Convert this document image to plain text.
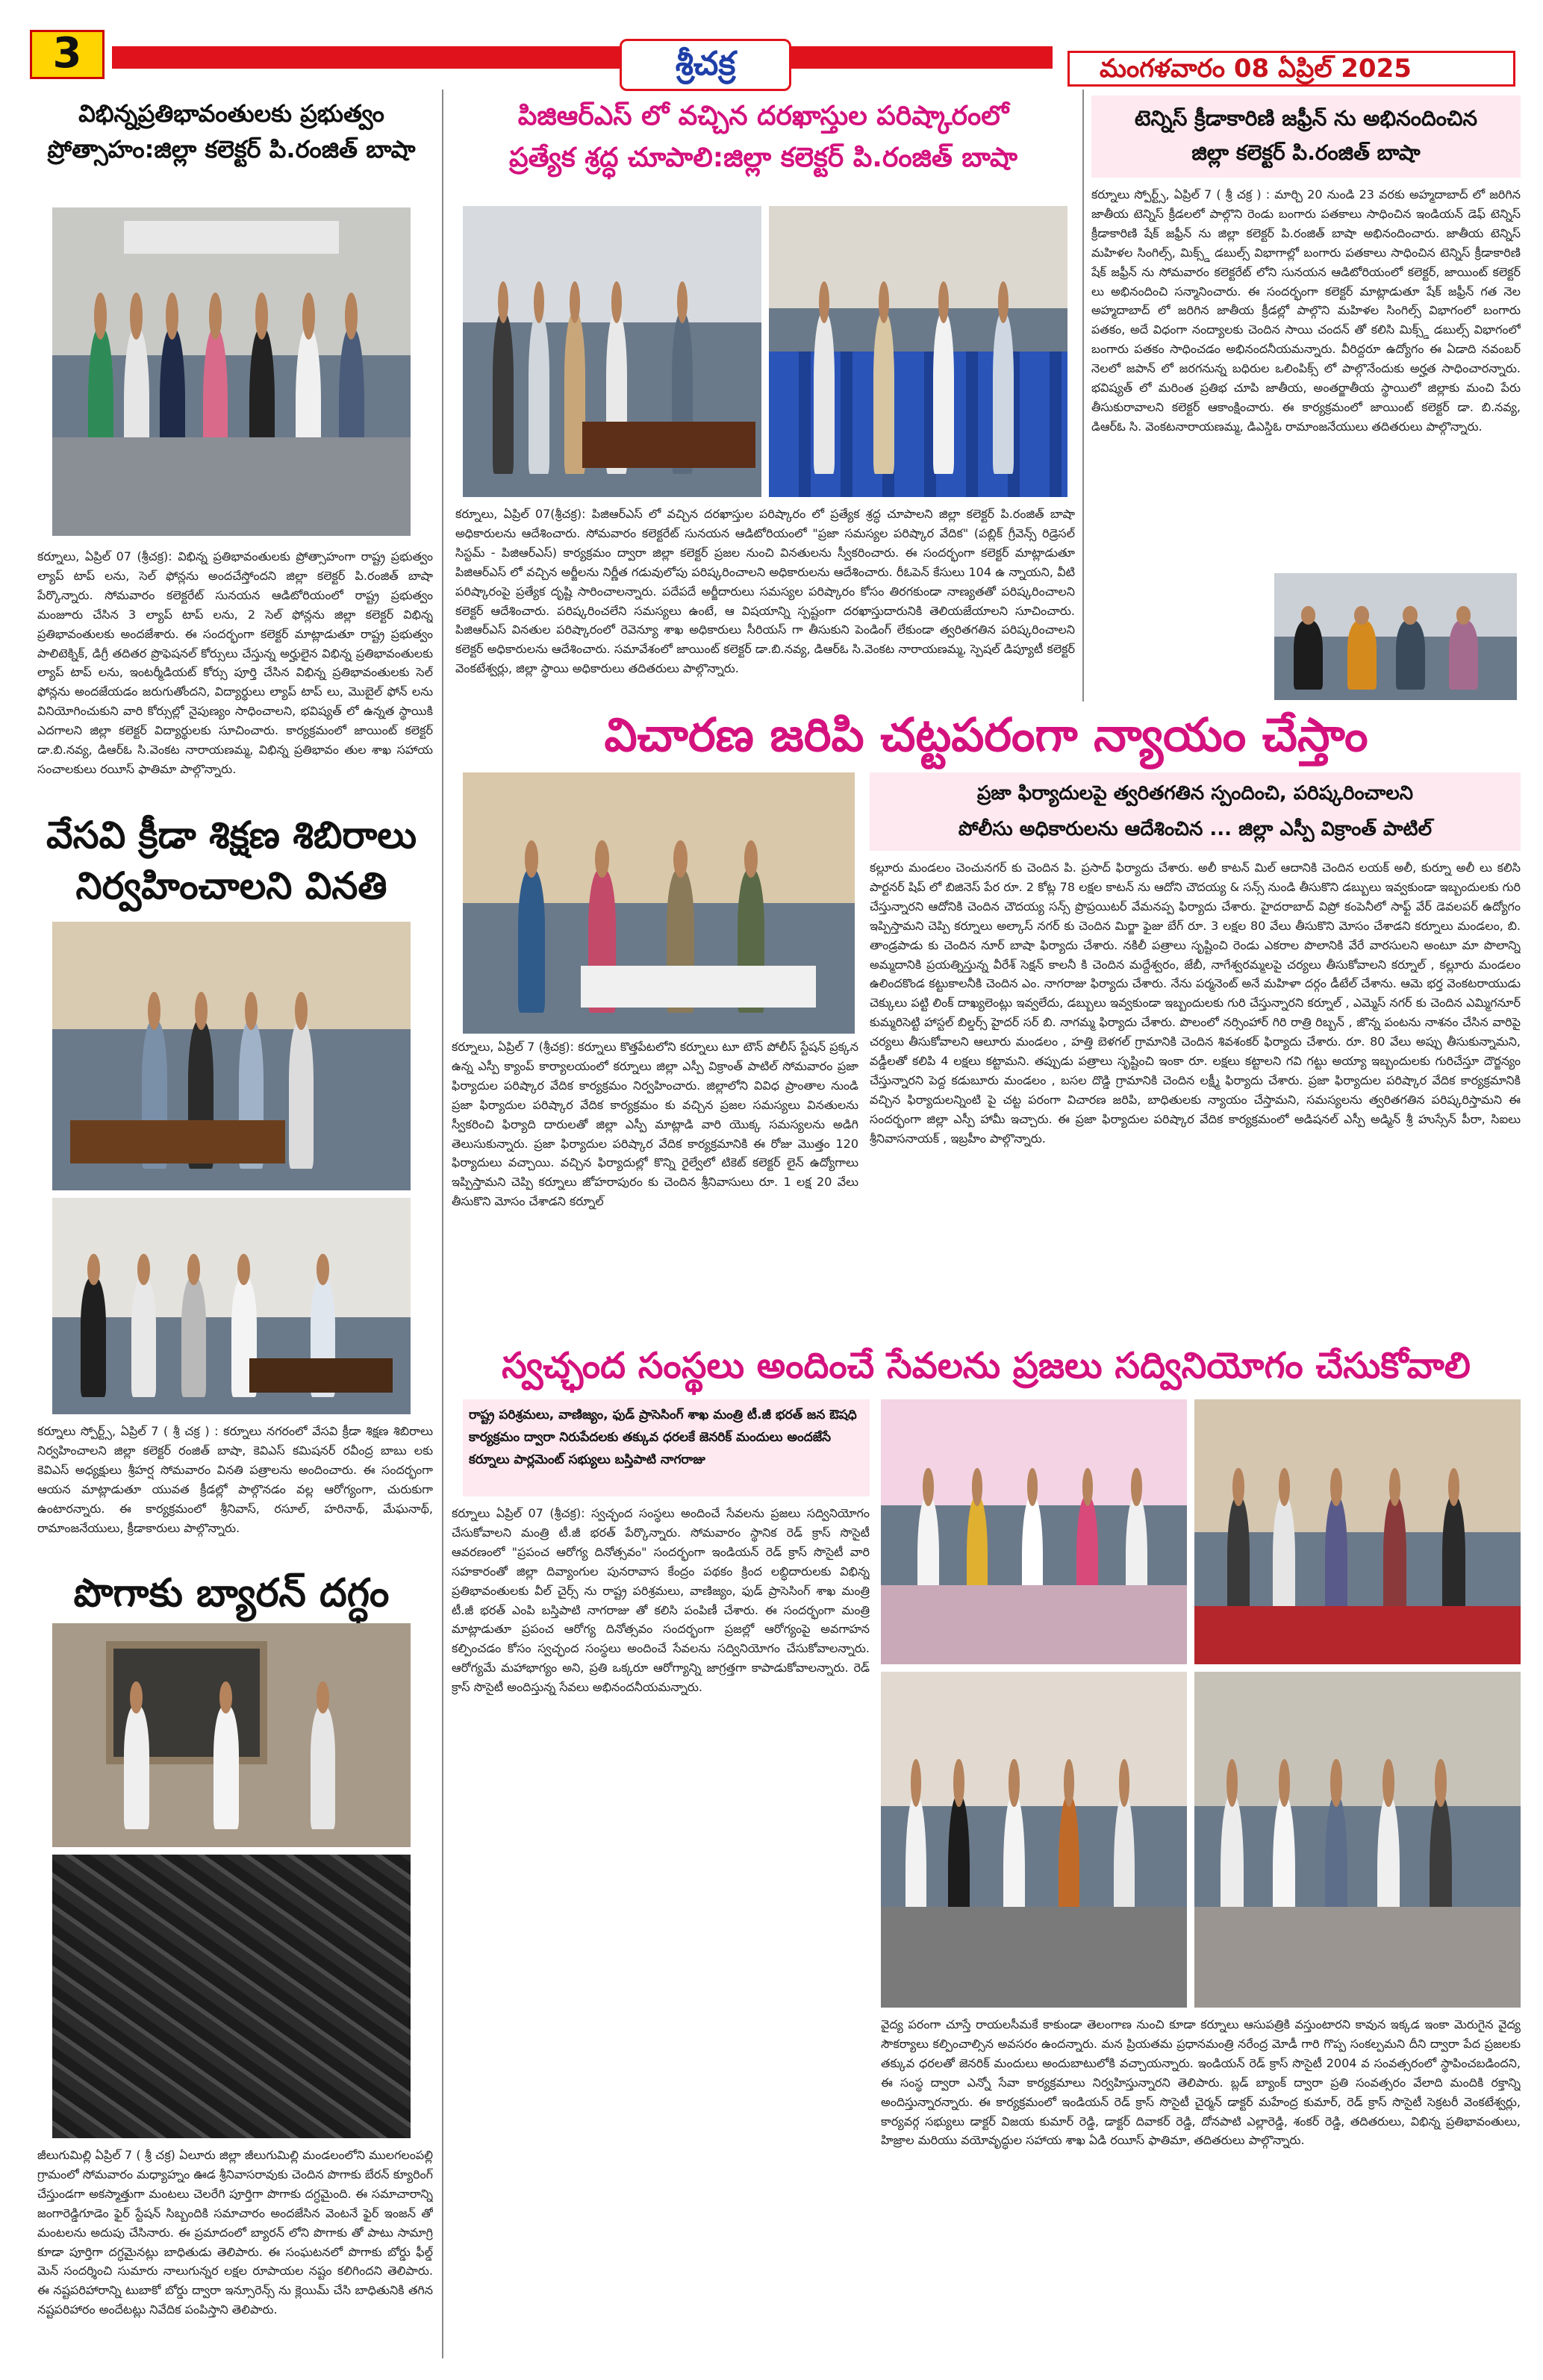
3	శ్రీచక్ర	మంగళవారం 08 ఏప్రిల్ 2025
విభిన్నప్రతిభావంతులకు ప్రభుత్వం
ప్రోత్సాహం:జిల్లా కలెక్టర్ పి.రంజిత్ బాషా
కర్నూలు, ఏప్రిల్ 07 (శ్రీచక్ర): విభిన్న ప్రతిభావంతులకు ప్రోత్సాహంగా రాష్ట్ర ప్రభుత్వం ల్యాప్ టాప్ లను, సెల్ ఫోన్లను అందచేస్తోందని జిల్లా కలెక్టర్ పి.రంజిత్ బాషా పేర్కొన్నారు. సోమవారం కలెక్టరేట్ సునయన ఆడిటోరియంలో రాష్ట్ర ప్రభుత్వం మంజూరు చేసిన 3 ల్యాప్ టాప్ లను, 2 సెల్ ఫోన్లను జిల్లా కలెక్టర్ విభిన్న ప్రతిభావంతులకు అందజేశారు. ఈ సందర్భంగా కలెక్టర్ మాట్లాడుతూ రాష్ట్ర ప్రభుత్వం పాలిటెక్నిక్, డిగ్రీ తదితర ప్రొఫెషనల్ కోర్సులు చేస్తున్న అర్హులైన విభిన్న ప్రతిభావంతులకు ల్యాప్ టాప్ లను, ఇంటర్మీడియట్ కోర్సు పూర్తి చేసిన విభిన్న ప్రతిభావంతులకు సెల్ ఫోన్లను అందజేయడం జరుగుతోందని, విద్యార్థులు ల్యాప్ టాప్ లు, మొబైల్ ఫోన్ లను వినియోగించుకుని వారి కోర్సుల్లో నైపుణ్యం సాధించాలని, భవిష్యత్ లో ఉన్నత స్థాయికి ఎదగాలని జిల్లా కలెక్టర్ విద్యార్థులకు సూచించారు. కార్యక్రమంలో జాయింట్ కలెక్టర్ డా.బి.నవ్య, డిఆర్ఓ సి.వెంకట నారాయణమ్మ, విభిన్న ప్రతిభావం తుల శాఖ సహాయ సంచాలకులు రయీస్ ఫాతిమా పాల్గొన్నారు.
వేసవి క్రీడా శిక్షణ శిబిరాలు
నిర్వహించాలని వినతి
కర్నూలు స్పోర్ట్స్, ఏప్రిల్ 7 ( శ్రీ చక్ర ) : కర్నూలు నగరంలో వేసవి క్రీడా శిక్షణ శిబిరాలు నిర్వహించాలని జిల్లా కలెక్టర్ రంజిత్ బాషా, కెవిఎస్ కమిషనర్ రవీంద్ర బాబు లకు కెవిఎస్ అధ్యక్షులు శ్రీహర్ష సోమవారం వినతి పత్రాలను అందించారు. ఈ సందర్భంగా ఆయన మాట్లాడుతూ యువత క్రీడల్లో పాల్గొనడం వల్ల ఆరోగ్యంగా, చురుకుగా ఉంటారన్నారు. ఈ కార్యక్రమంలో శ్రీనివాస్, రసూల్, హరినాథ్, మేఘనాథ్, రామాంజనేయులు, క్రీడాకారులు పాల్గొన్నారు.
పొగాకు బ్యారన్ దగ్ధం
జీలుగుమిల్లి ఏప్రిల్ 7 ( శ్రీ చక్ర) ఏలూరు జిల్లా జీలుగుమిల్లి మండలంలోని ములగలంపల్లి గ్రామంలో సోమవారం మధ్యాహ్నం ఊడ శ్రీనివాసరావుకు చెందిన పొగాకు బేరన్ క్యూరింగ్ చేస్తుండగా అకస్మాత్తుగా మంటలు చెలరేగి పూర్తిగా పొగాకు దగ్ధమైంది. ఈ సమాచారాన్ని జంగారెడ్డిగూడెం ఫైర్ స్టేషన్ సిబ్బందికి సమాచారం అందజేసిన వెంటనే ఫైర్ ఇంజన్ తో మంటలను అదుపు చేసినారు. ఈ ప్రమాదంలో బ్యారన్ లోని పొగాకు తో పాటు సామాగ్రి కూడా పూర్తిగా దగ్ధమైనట్లు బాధితుడు తెలిపారు. ఈ సంఘటనలో పొగాకు బోర్డు ఫీల్డ్ మెన్ సందర్శించి సుమారు నాలుగున్నర లక్షల రూపాయల నష్టం కలిగిందని తెలిపారు. ఈ నష్టపరిహారాన్ని టుబాకో బోర్డు ద్వారా ఇన్సూరెన్స్ ను క్లెయిమ్ చేసి బాధితునికి తగిన నష్టపరిహారం అందేటట్లు నివేదిక పంపిస్తాని తెలిపారు.
పిజిఆర్ఎస్ లో వచ్చిన దరఖాస్తుల పరిష్కారంలో
ప్రత్యేక శ్రద్ధ చూపాలి:జిల్లా కలెక్టర్ పి.రంజిత్ బాషా
కర్నూలు, ఏప్రిల్ 07(శ్రీచక్ర): పిజిఆర్ఎస్ లో వచ్చిన దరఖాస్తుల పరిష్కారం లో ప్రత్యేక శ్రద్ధ చూపాలని జిల్లా కలెక్టర్ పి.రంజిత్ బాషా అధికారులను ఆదేశించారు. సోమవారం కలెక్టరేట్ సునయన ఆడిటోరియంలో "ప్రజా సమస్యల పరిష్కార వేదిక" (పబ్లిక్ గ్రీవెన్స్ రిడ్రెసల్ సిస్టమ్ - పిజిఆర్ఎస్) కార్యక్రమం ద్వారా జిల్లా కలెక్టర్ ప్రజల నుంచి వినతులను స్వీకరించారు. ఈ సందర్భంగా కలెక్టర్ మాట్లాడుతూ పిజిఆర్ఎస్ లో వచ్చిన అర్జీలను నిర్ణీత గడువులోపు పరిష్కరించాలని అధికారులను ఆదేశించారు. రీఓపెన్ కేసులు 104 ఉ న్నాయని, వీటి పరిష్కారంపై ప్రత్యేక దృష్టి సారించాలన్నారు. పదేపదే అర్జీదారులు సమస్యల పరిష్కారం కోసం తిరగకుండా నాణ్యతతో పరిష్కరించాలని కలెక్టర్ ఆదేశించారు. పరిష్కరించలేని సమస్యలు ఉంటే, ఆ విషయాన్ని స్పష్టంగా దరఖాస్తుదారునికి తెలియజేయాలని సూచించారు. పిజిఆర్ఎస్ వినతుల పరిష్కారంలో రెవెన్యూ శాఖ అధికారులు సీరియస్ గా తీసుకుని పెండింగ్ లేకుండా త్వరితగతిన పరిష్కరించాలని కలెక్టర్ అధికారులను ఆదేశించారు. సమావేశంలో జాయింట్ కలెక్టర్ డా.బి.నవ్య, డిఆర్ఓ సి.వెంకట నారాయణమ్మ, స్పెషల్ డిప్యూటీ కలెక్టర్ వెంకటేశ్వర్లు, జిల్లా స్థాయి అధికారులు తదితరులు పాల్గొన్నారు.
టెన్నిస్ క్రీడాకారిణి జఫ్రీన్ ను అభినందించిన
జిల్లా కలెక్టర్ పి.రంజిత్ బాషా
కర్నూలు స్పోర్ట్స్, ఏప్రిల్ 7 ( శ్రీ చక్ర ) : మార్చి 20 నుండి 23 వరకు అహ్మదాబాద్ లో జరిగిన జాతీయ టెన్నిస్ క్రీడలలో పాల్గొని రెండు బంగారు పతకాలు సాధించిన ఇండియన్ డెఫ్ టెన్నిస్ క్రీడాకారిణి షేక్ జఫ్రీన్ ను జిల్లా కలెక్టర్ పి.రంజిత్ బాషా అభినందించారు. జాతీయ టెన్నిస్ మహిళల సింగిల్స్, మిక్స్డ్ డబుల్స్ విభాగాల్లో బంగారు పతకాలు సాధించిన టెన్నిస్ క్రీడాకారిణి షేక్ జఫ్రీన్ ను సోమవారం కలెక్టరేట్ లోని సునయన ఆడిటోరియంలో కలెక్టర్, జాయింట్ కలెక్టర్ లు అభినందించి సన్మానించారు. ఈ సందర్భంగా కలెక్టర్ మాట్లాడుతూ షేక్ జఫ్రీన్ గత నెల అహ్మదాబాద్ లో జరిగిన జాతీయ క్రీడల్లో పాల్గొని మహిళల సింగిల్స్ విభాగంలో బంగారు పతకం, అదే విధంగా నంద్యాలకు చెందిన సాయి చందన్ తో కలిసి మిక్స్డ్ డబుల్స్ విభాగంలో బంగారు పతకం సాధించడం అభినందనీయమన్నారు. వీరిద్దరూ ఉద్యోగం ఈ ఏడాది నవంబర్ నెలలో జపాన్ లో జరగనున్న బధిరుల ఒలింపిక్స్ లో పాల్గొనేందుకు అర్హత సాధించారన్నారు. భవిష్యత్ లో మరింత ప్రతిభ చూపి జాతీయ, అంతర్జాతీయ స్థాయిలో జిల్లాకు మంచి పేరు తీసుకురావాలని కలెక్టర్ ఆకాంక్షించారు. ఈ కార్యక్రమంలో జాయింట్ కలెక్టర్ డా. బి.నవ్య, డిఆర్ఓ సి. వెంకటనారాయణమ్మ, డిఎస్డిఓ రామాంజనేయులు తదితరులు పాల్గొన్నారు.
విచారణ జరిపి చట్టపరంగా న్యాయం చేస్తాం
ప్రజా ఫిర్యాదులపై త్వరితగతిన స్పందించి, పరిష్కరించాలని
పోలీసు అధికారులను ఆదేశించిన ... జిల్లా ఎస్పీ విక్రాంత్ పాటిల్
కర్నూలు, ఏప్రిల్ 7 (శ్రీచక్ర): కర్నూలు కొత్తపేటలోని కర్నూలు టూ టౌన్ పోలీస్ స్టేషన్ ప్రక్కన ఉన్న ఎస్పీ క్యాంప్ కార్యాలయంలో కర్నూలు జిల్లా ఎస్పీ విక్రాంత్ పాటిల్ సోమవారం ప్రజా ఫిర్యాదుల పరిష్కార వేదిక కార్యక్రమం నిర్వహించారు. జిల్లాలోని వివిధ ప్రాంతాల నుండి ప్రజా ఫిర్యాదుల పరిష్కార వేదిక కార్యక్రమం కు వచ్చిన ప్రజల సమస్యలు వినతులను స్వీకరించి ఫిర్యాది దారులతో జిల్లా ఎస్పీ మాట్లాడి వారి యొక్క సమస్యలను అడిగి తెలుసుకున్నారు. ప్రజా ఫిర్యాదుల పరిష్కార వేదిక కార్యక్రమానికి ఈ రోజు మొత్తం 120 ఫిర్యాదులు వచ్చాయి. వచ్చిన ఫిర్యాదుల్లో కొన్ని రైల్వేలో టికెట్ కలెక్టర్ లైన్ ఉద్యోగాలు ఇప్పిస్తామని చెప్పి కర్నూలు జోహరాపురం కు చెందిన శ్రీనివాసులు రూ. 1 లక్ష 20 వేలు తీసుకొని మోసం చేశాడని కర్నూల్
కల్లూరు మండలం చెంచునగర్ కు చెందిన పి. ప్రసాద్ ఫిర్యాదు చేశారు. అలీ కాటన్ మిల్ ఆదానికి చెందిన లయక్ అలీ, కుర్నూ అలీ లు కలిసి పార్టనర్ షిప్ లో బిజినెస్ పేర రూ. 2 కోట్ల 78 లక్షల కాటన్ ను ఆదోని చౌదయ్య & సన్స్ నుండి తీసుకొని డబ్బులు ఇవ్వకుండా ఇబ్బందులకు గురి చేస్తున్నారని ఆదోనికి చెందిన చౌదయ్య సన్స్ ప్రొప్రయిటర్ వేమనప్ప ఫిర్యాదు చేశారు. హైదరాబాద్ విప్రో కంపెనీలో సాఫ్ట్ వేర్ డెవలపర్ ఉద్యోగం ఇప్పిస్తామని చెప్పి కర్నూలు అల్కాస్ నగర్ కు చెందిన మిర్జా ఫైజు బేగ్ రూ. 3 లక్షల 80 వేలు తీసుకొని మోసం చేశాడని కర్నూలు మండలం, బి. తాండ్రపాడు కు చెందిన నూర్ బాషా ఫిర్యాదు చేశారు. నకిలీ పత్రాలు సృష్టించి రెండు ఎకరాల పొలానికి వేరే వారసులని అంటూ మా పొలాన్ని అమ్మదానికి ప్రయత్నిస్తున్న వీరేశ్ సెక్షన్ కాలనీ కి చెందిన మద్దేశ్వరం, జేబీ, నాగేశ్వరమ్మలపై చర్యలు తీసుకోవాలని కర్నూల్ , కల్లూరు మండలం ఉలిందకొండ కట్టుకాలనీకి చెందిన ఎం. నాగరాజు ఫిర్యాదు చేశారు. నేను పర్మనెంట్ అనే మహిళా దర్గం డీటేల్ చేశాను. ఆమె భర్త వెంకటరాయుడు చెక్కులు పట్టి లింక్ దాఖ్యలెంట్లు ఇవ్వలేదు, డబ్బులు ఇవ్వకుండా ఇబ్బందులకు గురి చేస్తున్నారని కర్నూల్ , ఎమ్మెస్ నగర్ కు చెందిన ఎమ్మిగనూర్ కుమ్మరిసెట్టి హాస్టల్ బిల్డర్స్ హైదర్ సర్ బి. నాగమ్మ ఫిర్యాదు చేశారు. పొలంలో నర్సింహార్ గిరి రాత్రి రిబ్బన్ , జొన్న పంటను నాశనం చేసిన వారిపై చర్యలు తీసుకోవాలని ఆలూరు మండలం , హత్తి బెళగల్ గ్రామానికి చెందిన శివశంకర్ ఫిర్యాదు చేశారు. రూ. 80 వేలు అప్పు తీసుకున్నామని, వడ్డీలతో కలిపి 4 లక్షలు కట్టామని. తప్పుడు పత్రాలు సృష్టించి ఇంకా రూ. లక్షలు కట్టాలని గవి గట్టు అయ్యా ఇబ్బందులకు గురిచేస్తూ దౌర్జన్యం చేస్తున్నారని పెద్ద కడుబూరు మండలం , బసల దొడ్డి గ్రామానికి చెందిన లక్ష్మీ ఫిర్యాదు చేశారు. ప్రజా ఫిర్యాదుల పరిష్కార వేదిక కార్యక్రమానికి వచ్చిన ఫిర్యాదులన్నింటి పై చట్ట పరంగా విచారణ జరిపి, బాధితులకు న్యాయం చేస్తామని, సమస్యలను త్వరితగతిన పరిష్కరిస్తామని ఈ సందర్భంగా జిల్లా ఎస్పీ హామీ ఇచ్చారు. ఈ ప్రజా ఫిర్యాదుల పరిష్కార వేదిక కార్యక్రమంలో అడిషనల్ ఎస్పీ అడ్మిన్ శ్రీ హుస్సేన్ పీరా, సిఐలు శ్రీనివాసనాయక్ , ఇబ్రహీం పాల్గొన్నారు.
స్వచ్ఛంద సంస్థలు అందించే సేవలను ప్రజలు సద్వినియోగం చేసుకోవాలి
రాష్ట్ర పరిశ్రమలు, వాణిజ్యం, ఫుడ్ ప్రాసెసింగ్ శాఖ మంత్రి టీ.జీ భరత్ జన ఔషధి కార్యక్రమం ద్వారా నిరుపేదలకు తక్కువ ధరలకే జెనరిక్ మందులు అందజేసే కర్నూలు పార్లమెంట్ సభ్యులు బస్తిపాటి నాగరాజు
కర్నూలు ఏప్రిల్ 07 (శ్రీచక్ర): స్వచ్ఛంద సంస్థలు అందించే సేవలను ప్రజలు సద్వినియోగం చేసుకోవాలని మంత్రి టీ.జీ భరత్ పేర్కొన్నారు. సోమవారం స్థానిక రెడ్ క్రాస్ సొసైటీ ఆవరణంలో "ప్రపంచ ఆరోగ్య దినోత్సవం" సందర్భంగా ఇండియన్ రెడ్ క్రాస్ సొసైటీ వారి సహకారంతో జిల్లా దివ్యాంగుల పునరావాస కేంద్రం పథకం క్రింద లబ్ధిదారులకు విభిన్న ప్రతిభావంతులకు వీల్ చైర్స్ ను రాష్ట్ర పరిశ్రమలు, వాణిజ్యం, ఫుడ్ ప్రాసెసింగ్ శాఖ మంత్రి టీ.జీ భరత్ ఎంపి బస్తిపాటి నాగరాజు తో కలిసి పంపిణీ చేశారు. ఈ సందర్భంగా మంత్రి మాట్లాడుతూ ప్రపంచ ఆరోగ్య దినోత్సవం సందర్భంగా ప్రజల్లో ఆరోగ్యంపై అవగాహన కల్పించడం కోసం స్వచ్ఛంద సంస్థలు అందించే సేవలను సద్వినియోగం చేసుకోవాలన్నారు. ఆరోగ్యమే మహాభాగ్యం అని, ప్రతి ఒక్కరూ ఆరోగ్యాన్ని జాగ్రత్తగా కాపాడుకోవాలన్నారు. రెడ్ క్రాస్ సొసైటీ అందిస్తున్న సేవలు అభినందనీయమన్నారు.
వైద్య పరంగా చూస్తే రాయలసీమకే కాకుండా తెలంగాణ నుంచి కూడా కర్నూలు ఆసుపత్రికి వస్తుంటారని కావున ఇక్కడ ఇంకా మెరుగైన వైద్య సౌకర్యాలు కల్పించాల్సిన అవసరం ఉందన్నారు. మన ప్రియతమ ప్రధానమంత్రి నరేంద్ర మోడీ గారి గొప్ప సంకల్పమని దీని ద్వారా పేద ప్రజలకు తక్కువ ధరలతో జెనరిక్ మందులు అందుబాటులోకి వచ్చాయన్నారు. ఇండియన్ రెడ్ క్రాస్ సొసైటీ 2004 వ సంవత్సరంలో స్థాపించబడిందని, ఈ సంస్థ ద్వారా ఎన్నో సేవా కార్యక్రమాలు నిర్వహిస్తున్నారని తెలిపారు. బ్లడ్ బ్యాంక్ ద్వారా ప్రతి సంవత్సరం వేలాది మందికి రక్తాన్ని అందిస్తున్నారన్నారు. ఈ కార్యక్రమంలో ఇండియన్ రెడ్ క్రాస్ సొసైటీ చైర్మన్ డాక్టర్ మహేంద్ర కుమార్, రెడ్ క్రాస్ సొసైటీ సెక్రటరీ వెంకటేశ్వర్లు, కార్యవర్గ సభ్యులు డాక్టర్ విజయ కుమార్ రెడ్డి, డాక్టర్ దివాకర్ రెడ్డి, దోనపాటి ఎల్లారెడ్డి, శంకర్ రెడ్డి, తదితరులు, విభిన్న ప్రతిభావంతులు, హిజ్రాల మరియు వయోవృద్ధుల సహాయ శాఖ ఏడి రయీస్ ఫాతిమా, తదితరులు పాల్గొన్నారు.
